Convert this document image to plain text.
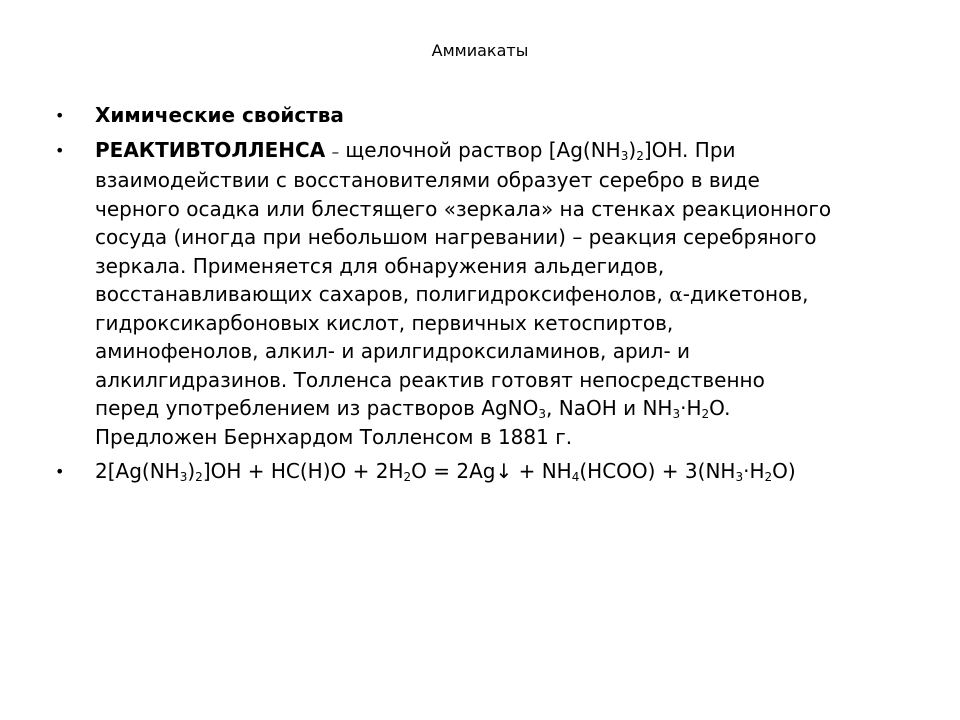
Аммиакаты
•	Химические свойства
•	РЕАКТИВТОЛЛЕНСА – щелочной раствор $[Ag(NH_3)_2]OH$. При взаимодействии с восстановителями образует серебро в виде черного осадка или блестящего «зеркала» на стенках реакционного сосуда (иногда при небольшом нагревании) – реакция серебряного зеркала. Применяется для обнаружения альдегидов, восстанавливающих сахаров, полигидроксифенолов, α-дикетонов, гидроксикарбоновых кислот, первичных кетоспиртов, аминофенолов, алкил- и арилгидроксиламинов, арил- и алкилгидразинов. Толленса реактив готовят непосредственно перед употреблением из растворов AgNO$_3$, NaOH и $NH_3\cdot H_2O$. Предложен Бернхардом Толленсом в 1881 г.
•	$2[Ag(NH_3)_2]OH + HC(H)O + 2H_2O$ = 2Ag↓ + $NH_4(HCOO) + 3(NH_3\cdot H_2O)$
